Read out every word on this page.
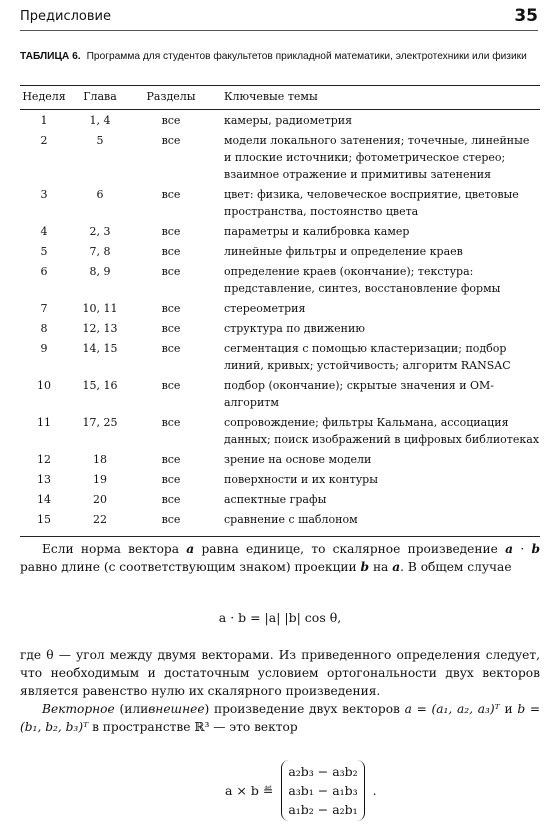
Предисловие	35
ТАБЛИЦА 6. Программа для студентов факультетов прикладной математики, электротехники или физики
Неделя	Глава	Разделы	Ключевые темы
1	1, 4	все	камеры, радиометрия
2	5	все	модели локального затенения; точечные, линейные и плоские источники; фотометрическое стерео; взаимное отражение и примитивы затенения
3	6	все	цвет: физика, человеческое восприятие, цветовые пространства, постоянство цвета
4	2, 3	все	параметры и калибровка камер
5	7, 8	все	линейные фильтры и определение краев
6	8, 9	все	определение краев (окончание); текстура: представление, синтез, восстановление формы
7	10, 11	все	стереометрия
8	12, 13	все	структура по движению
9	14, 15	все	сегментация с помощью кластеризации; подбор линий, кривых; устойчивость; алгоритм RANSAC
10	15, 16	все	подбор (окончание); скрытые значения и ОМ-алгоритм
11	17, 25	все	сопровождение; фильтры Кальмана, ассоциация данных; поиск изображений в цифровых библиотеках
12	18	все	зрение на основе модели
13	19	все	поверхности и их контуры
14	20	все	аспектные графы
15	22	все	сравнение с шаблоном
Если норма вектора a равна единице, то скалярное произведение a · b равно длине (с соответствующим знаком) проекции b на a. В общем случае
a · b = |a| |b| cos θ,
где θ — угол между двумя векторами. Из приведенного определения следует, что необходимым и достаточным условием ортогональности двух векторов является равенство нулю их скалярного произведения.
Векторное (иливнешнее) произведение двух векторов a = (a₁, a₂, a₃)ᵀ и b = (b₁, b₂, b₃)ᵀ в пространстве ℝ³ — это вектор
a × b ≝
a₂b₃ − a₃b₂
a₃b₁ − a₁b₃
a₁b₂ − a₂b₁
.
